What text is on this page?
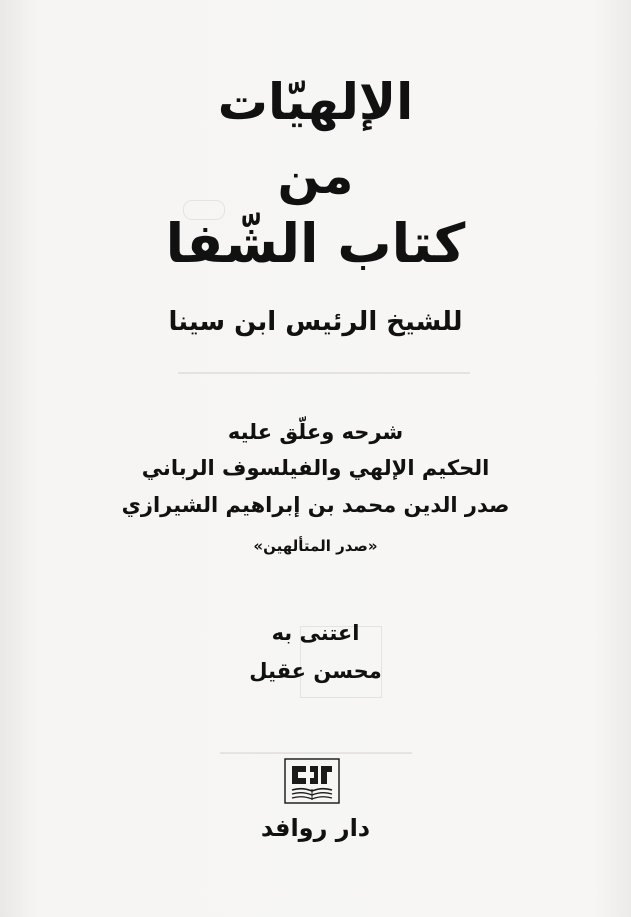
الإلهيّات
من
كتاب الشّفا
للشيخ الرئيس ابن سينا
شرحه وعلّق عليه
الحكيم الإلهي والفيلسوف الرباني
صدر الدين محمد بن إبراهيم الشيرازي
«صدر المتألهين»
اعتنى به
محسن عقيل
دار روافد
